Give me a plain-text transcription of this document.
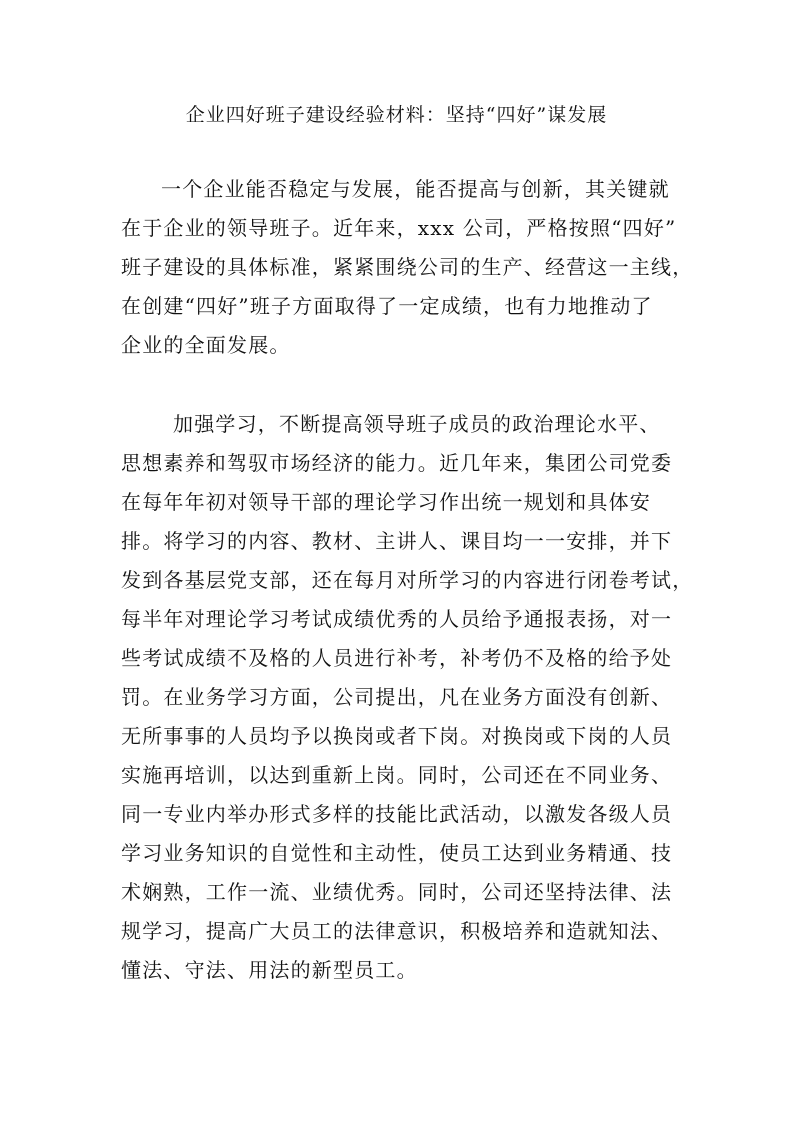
企业四好班子建设经验材料：坚持“四好”谋发展
一个企业能否稳定与发展，能否提高与创新，其关键就
在于企业的领导班子。近年来，xxx 公司，严格按照“四好”
班子建设的具体标准，紧紧围绕公司的生产、经营这一主线，
在创建“四好”班子方面取得了一定成绩，也有力地推动了
企业的全面发展。
加强学习，不断提高领导班子成员的政治理论水平、
思想素养和驾驭市场经济的能力。近几年来，集团公司党委
在每年年初对领导干部的理论学习作出统一规划和具体安
排。将学习的内容、教材、主讲人、课目均一一安排，并下
发到各基层党支部，还在每月对所学习的内容进行闭卷考试，
每半年对理论学习考试成绩优秀的人员给予通报表扬，对一
些考试成绩不及格的人员进行补考，补考仍不及格的给予处
罚。在业务学习方面，公司提出，凡在业务方面没有创新、
无所事事的人员均予以换岗或者下岗。对换岗或下岗的人员
实施再培训，以达到重新上岗。同时，公司还在不同业务、
同一专业内举办形式多样的技能比武活动，以激发各级人员
学习业务知识的自觉性和主动性，使员工达到业务精通、技
术娴熟，工作一流、业绩优秀。同时，公司还坚持法律、法
规学习，提高广大员工的法律意识，积极培养和造就知法、
懂法、守法、用法的新型员工。
